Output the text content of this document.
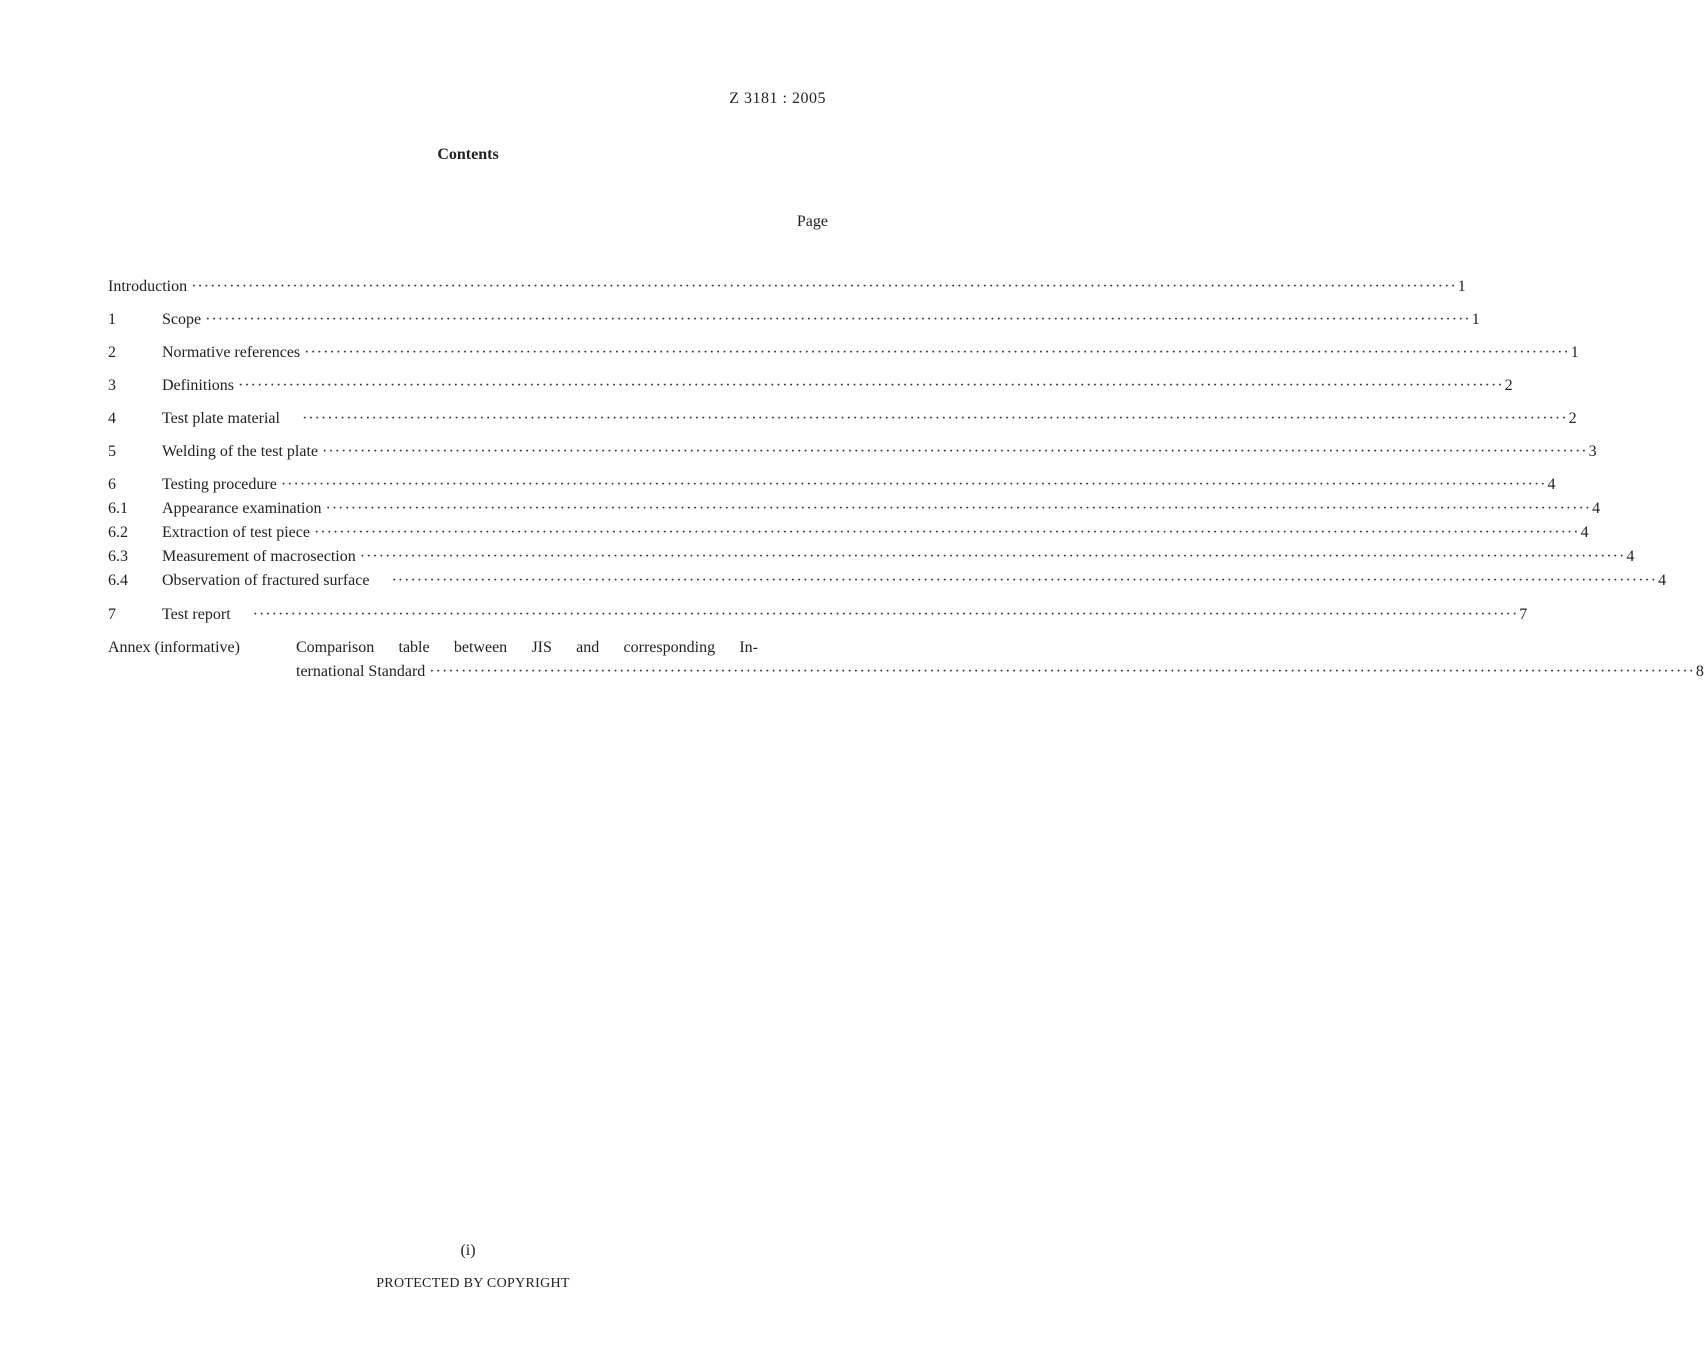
Z 3181 : 2005
Contents
Page
Introduction ········································································································································································································ 1
1	Scope ········································································································································································································ 1
2	Normative references ········································································································································································································ 1
3	Definitions ········································································································································································································ 2
4	Test plate material	········································································································································································································ 2
5	Welding of the test plate ········································································································································································································ 3
6	Testing procedure ········································································································································································································ 4
6.1	Appearance examination ········································································································································································································ 4
6.2	Extraction of test piece ········································································································································································································ 4
6.3	Measurement of macrosection ········································································································································································································ 4
6.4	Observation of fractured surface	········································································································································································································ 4
7	Test report	········································································································································································································ 7
Annex (informative)	Comparison table between JIS and corresponding In-
ternational Standard ········································································································································································································ 8
(i)
PROTECTED BY COPYRIGHT
